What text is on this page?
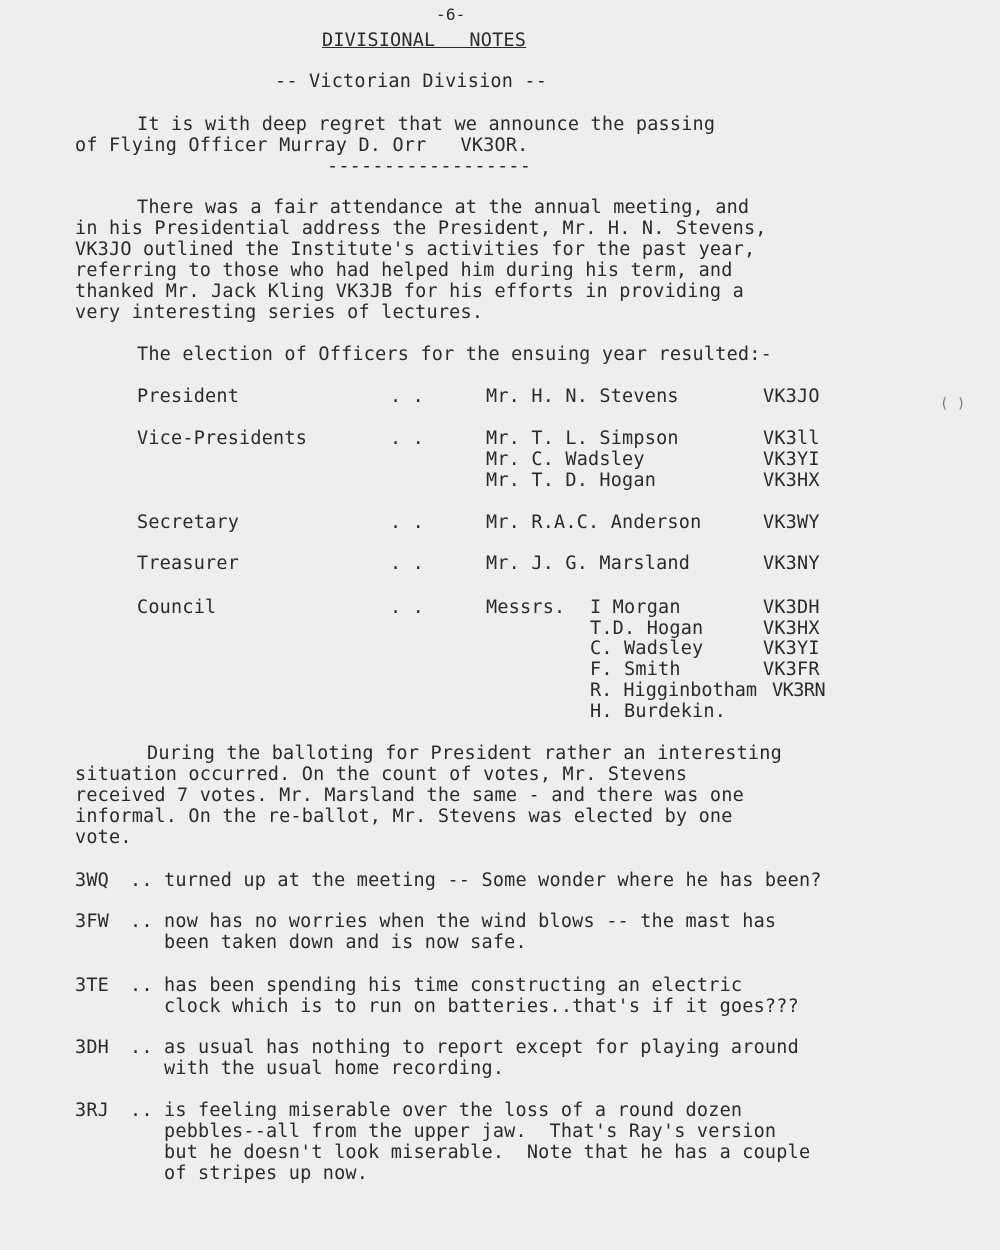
-6-
DIVISIONAL   NOTES
-- Victorian Division --
It is with deep regret that we announce the passing
of Flying Officer Murray D. Orr   VK3OR.
------------------
There was a fair attendance at the annual meeting, and
in his Presidential address the President, Mr. H. N. Stevens,
VK3JO outlined the Institute's activities for the past year,
referring to those who had helped him during his term, and
thanked Mr. Jack Kling VK3JB for his efforts in providing a
very interesting series of lectures.
The election of Officers for the ensuing year resulted:-
President	. .	Mr. H. N. Stevens	VK3JO
Vice-Presidents	. .	Mr. T. L. Simpson	VK3ll
Mr. C. Wadsley	VK3YI
Mr. T. D. Hogan	VK3HX
Secretary	. .	Mr. R.A.C. Anderson	VK3WY
Treasurer	. .	Mr. J. G. Marsland	VK3NY
Council	. .	Messrs. I Morgan	VK3DH
T.D. Hogan	VK3HX
C. Wadsley	VK3YI
F. Smith	VK3FR
R. Higginbotham VK3RN
H. Burdekin.
During the balloting for President rather an interesting
situation occurred. On the count of votes, Mr. Stevens
received 7 votes. Mr. Marsland the same - and there was one
informal. On the re-ballot, Mr. Stevens was elected by one
vote.
3WQ .. turned up at the meeting -- Some wonder where he has been?
3FW .. now has no worries when the wind blows -- the mast has
been taken down and is now safe.
3TE .. has been spending his time constructing an electric
clock which is to run on batteries..that's if it goes???
3DH .. as usual has nothing to report except for playing around
with the usual home recording.
3RJ .. is feeling miserable over the loss of a round dozen
pebbles--all from the upper jaw.  That's Ray's version
but he doesn't look miserable.  Note that he has a couple
of stripes up now.
( )
